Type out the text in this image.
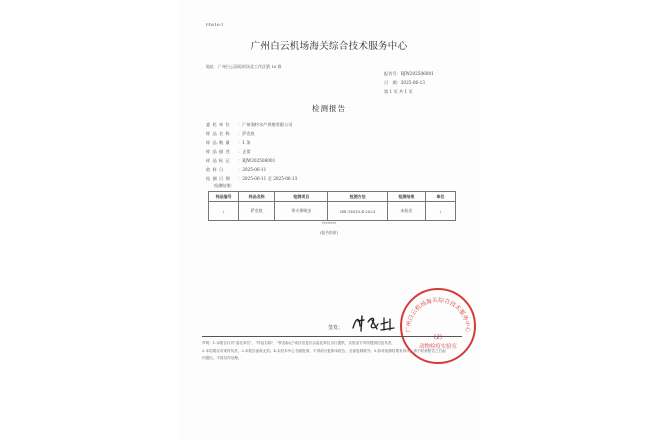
PD016-1
广州白云机场海关综合技术服务中心
地址：广州白云国际机场北工作区猎 16 路
报告号：BJW202506001
日　期：2025-06-13
第 1 页 共 1 页
检测报告
委 托 单 位 ：广州润村水产养殖有限公司
样 品 名 称 ：萨克鱼
样 品 数 量 ：1 条
样 品 描 述 ：正常
样 品 标 记 ：BJW202506001
收 样 日	：2025-06-11
检 测 日 期 ：2025-06-11 至 2025-06-13
检测结果：
样品编号	样品名称	检测项目	检测方法	检测结果	单位
/	萨克鱼	华支睾吸虫	GB 31610.4-2023	未检出	/
********
(报告结束)
签发：	广州白云机场海关综合技术服务中心
动物检疫实验室
(2)
声明：1.本报告仅对"委托单位"、"样品名称"、"样品标记"项目信息仅由委托单位自行提供，实验室不对所提供信息负责。
2.本结果仅对来样负责。3.本报告涂改无效。4.未经本中心书面批准，不得部分复制本报告。全部复制除外。5.如对检测结果有异议，请于收到报告之日起
内提出，不再另作处理。
